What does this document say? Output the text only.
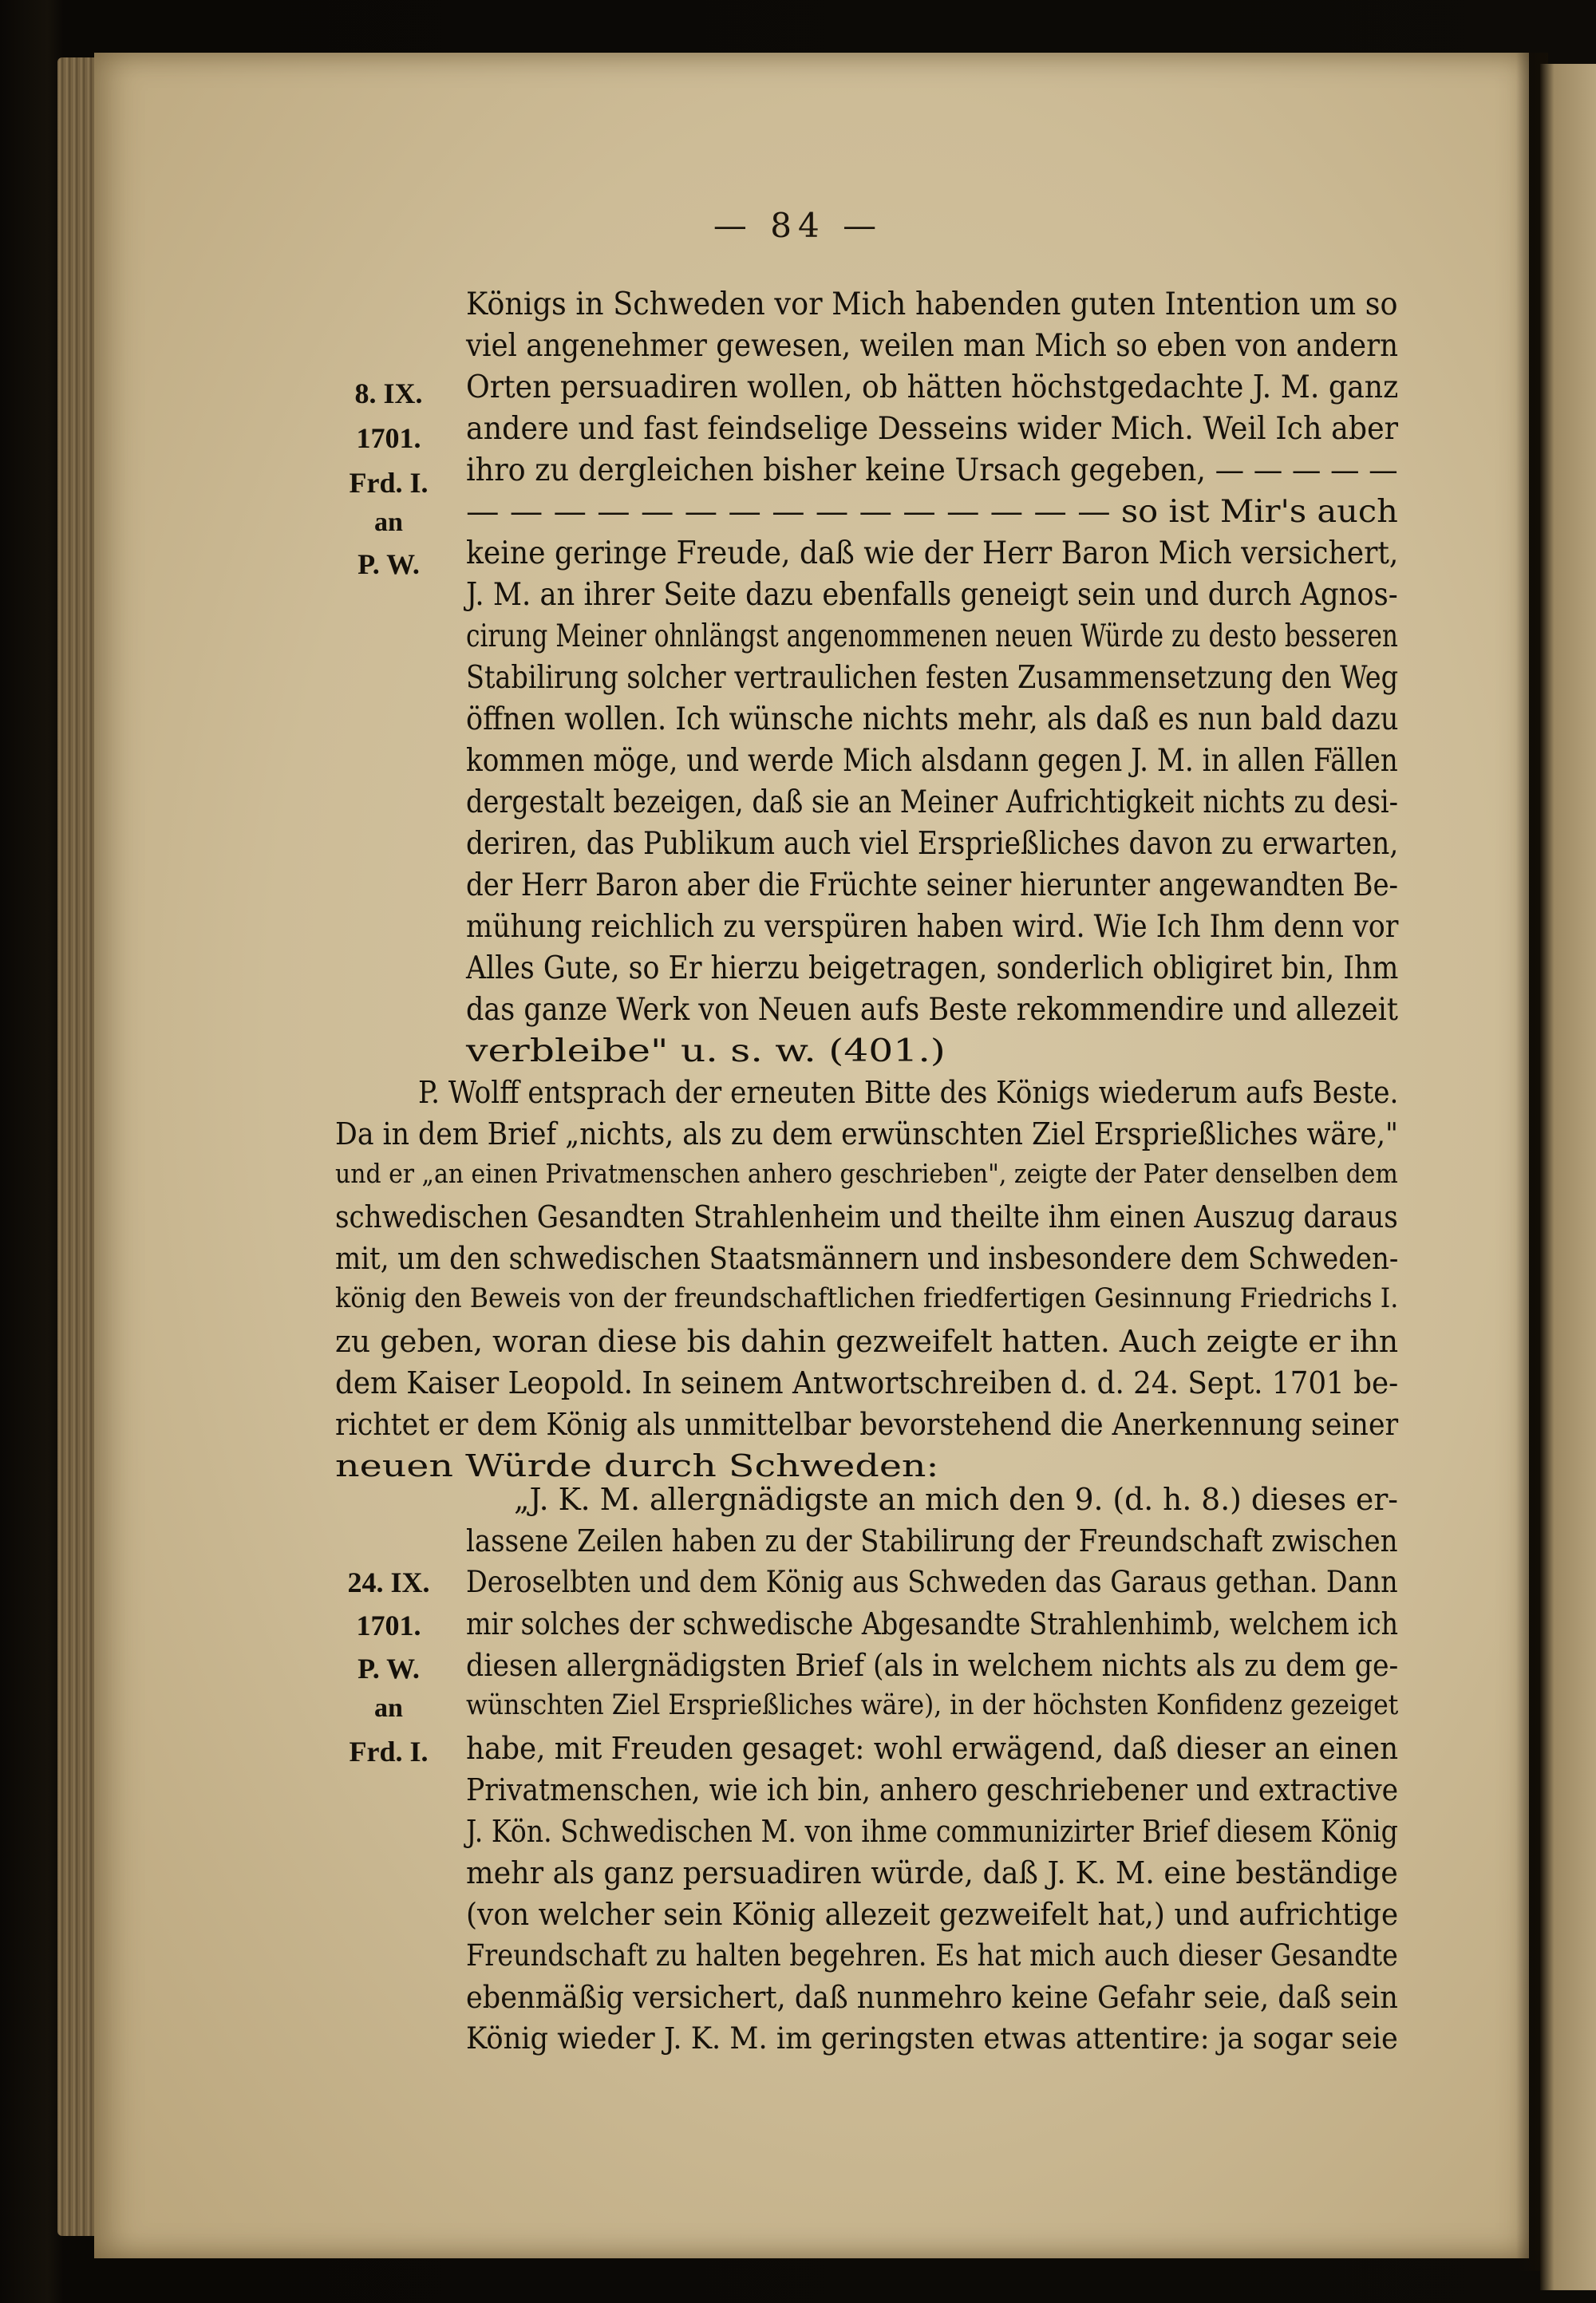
— 84 —
8. IX.
1701.
Frd. I.
an
P. W.
Königs in Schweden vor Mich habenden guten Intention um so
viel angenehmer gewesen, weilen man Mich so eben von andern
Orten persuadiren wollen, ob hätten höchstgedachte J. M. ganz
andere und fast feindselige Desseins wider Mich. Weil Ich aber
ihro zu dergleichen bisher keine Ursach gegeben, — — — — —
— — — — — — — — — — — — — — — so ist Mir's auch
keine geringe Freude, daß wie der Herr Baron Mich versichert,
J. M. an ihrer Seite dazu ebenfalls geneigt sein und durch Agnos-
cirung Meiner ohnlängst angenommenen neuen Würde zu desto besseren
Stabilirung solcher vertraulichen festen Zusammensetzung den Weg
öffnen wollen. Ich wünsche nichts mehr, als daß es nun bald dazu
kommen möge, und werde Mich alsdann gegen J. M. in allen Fällen
dergestalt bezeigen, daß sie an Meiner Aufrichtigkeit nichts zu desi-
deriren, das Publikum auch viel Ersprießliches davon zu erwarten,
der Herr Baron aber die Früchte seiner hierunter angewandten Be-
mühung reichlich zu verspüren haben wird. Wie Ich Ihm denn vor
Alles Gute, so Er hierzu beigetragen, sonderlich obligiret bin, Ihm
das ganze Werk von Neuen aufs Beste rekommendire und allezeit
verbleibe" u. s. w. (401.)
P. Wolff entsprach der erneuten Bitte des Königs wiederum aufs Beste.
Da in dem Brief „nichts, als zu dem erwünschten Ziel Ersprießliches wäre,"
und er „an einen Privatmenschen anhero geschrieben", zeigte der Pater denselben dem
schwedischen Gesandten Strahlenheim und theilte ihm einen Auszug daraus
mit, um den schwedischen Staatsmännern und insbesondere dem Schweden-
könig den Beweis von der freundschaftlichen friedfertigen Gesinnung Friedrichs I.
zu geben, woran diese bis dahin gezweifelt hatten. Auch zeigte er ihn
dem Kaiser Leopold. In seinem Antwortschreiben d. d. 24. Sept. 1701 be-
richtet er dem König als unmittelbar bevorstehend die Anerkennung seiner
neuen Würde durch Schweden:
24. IX.
1701.
P. W.
an
Frd. I.
„J. K. M. allergnädigste an mich den 9. (d. h. 8.) dieses er-
lassene Zeilen haben zu der Stabilirung der Freundschaft zwischen
Deroselbten und dem König aus Schweden das Garaus gethan. Dann
mir solches der schwedische Abgesandte Strahlenhimb, welchem ich
diesen allergnädigsten Brief (als in welchem nichts als zu dem ge-
wünschten Ziel Ersprießliches wäre), in der höchsten Konfidenz gezeiget
habe, mit Freuden gesaget: wohl erwägend, daß dieser an einen
Privatmenschen, wie ich bin, anhero geschriebener und extractive
J. Kön. Schwedischen M. von ihme communizirter Brief diesem König
mehr als ganz persuadiren würde, daß J. K. M. eine beständige
(von welcher sein König allezeit gezweifelt hat,) und aufrichtige
Freundschaft zu halten begehren. Es hat mich auch dieser Gesandte
ebenmäßig versichert, daß nunmehro keine Gefahr seie, daß sein
König wieder J. K. M. im geringsten etwas attentire: ja sogar seie
